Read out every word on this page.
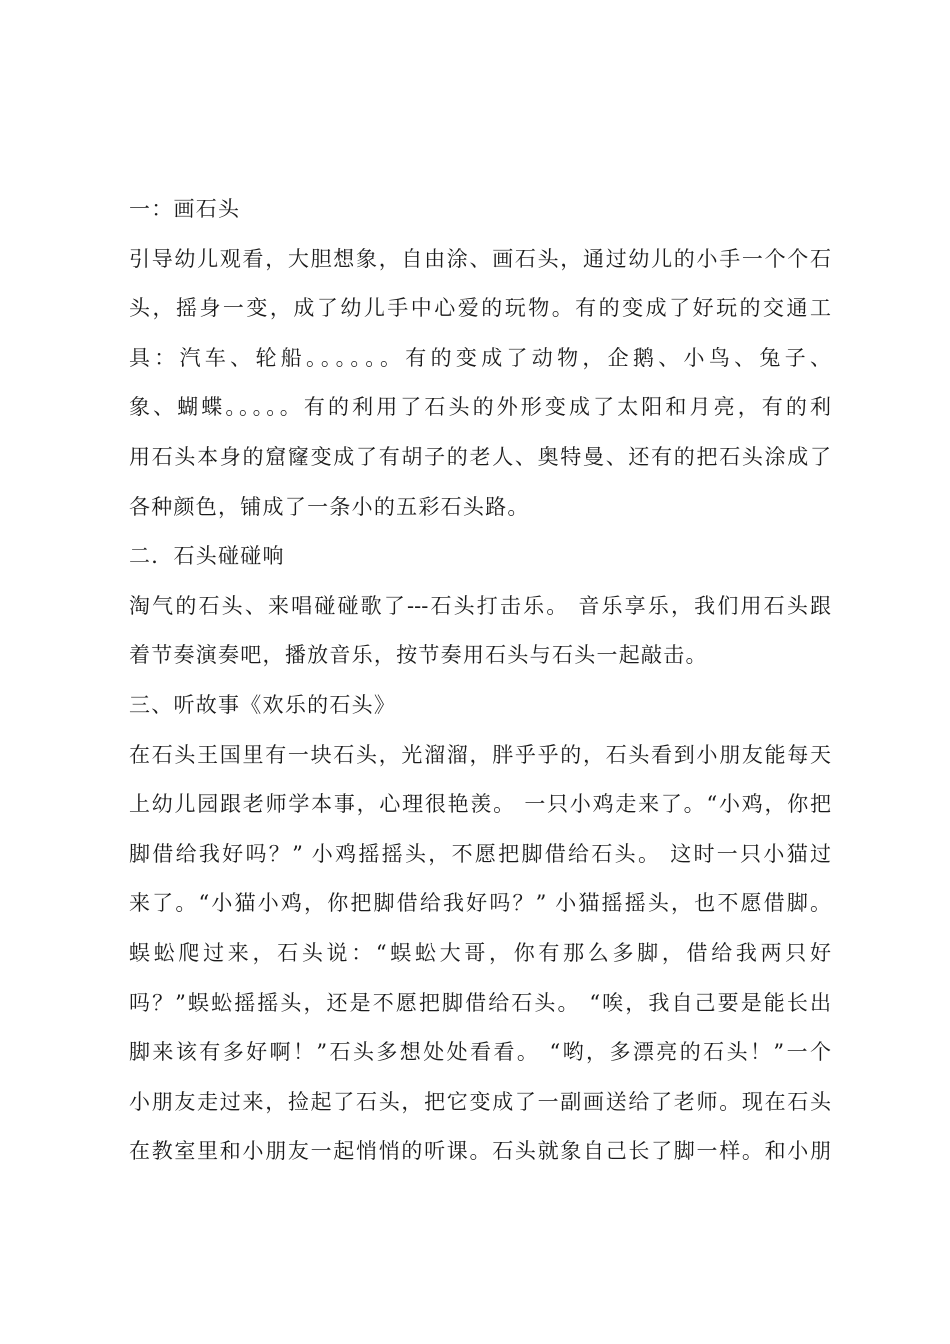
一：画石头
引导幼儿观看，大胆想象，自由涂、画石头，通过幼儿的小手一个个石
头，摇身一变，成了幼儿手中心爱的玩物。有的变成了好玩的交通工
具：汽车、轮船。。。。。。有的变成了动物，企鹅、小鸟、兔子、
象、蝴蝶。。。。。有的利用了石头的外形变成了太阳和月亮，有的利
用石头本身的窟窿变成了有胡子的老人、奥特曼、还有的把石头涂成了
各种颜色，铺成了一条小的五彩石头路。
二．石头碰碰响
淘气的石头、来唱碰碰歌了---石头打击乐。 音乐享乐，我们用石头跟
着节奏演奏吧，播放音乐，按节奏用石头与石头一起敲击。
三、听故事《欢乐的石头》
在石头王国里有一块石头，光溜溜，胖乎乎的，石头看到小朋友能每天
上幼儿园跟老师学本事，心理很艳羡。 一只小鸡走来了。“小鸡，你把
脚借给我好吗？” 小鸡摇摇头，不愿把脚借给石头。 这时一只小猫过
来了。“小猫小鸡，你把脚借给我好吗？” 小猫摇摇头，也不愿借脚。
蜈蚣爬过来，石头说：“蜈蚣大哥，你有那么多脚，借给我两只好
吗？”蜈蚣摇摇头，还是不愿把脚借给石头。 “唉，我自己要是能长出
脚来该有多好啊！”石头多想处处看看。 “哟，多漂亮的石头！”一个
小朋友走过来，捡起了石头，把它变成了一副画送给了老师。现在石头
在教室里和小朋友一起悄悄的听课。石头就象自己长了脚一样。和小朋
